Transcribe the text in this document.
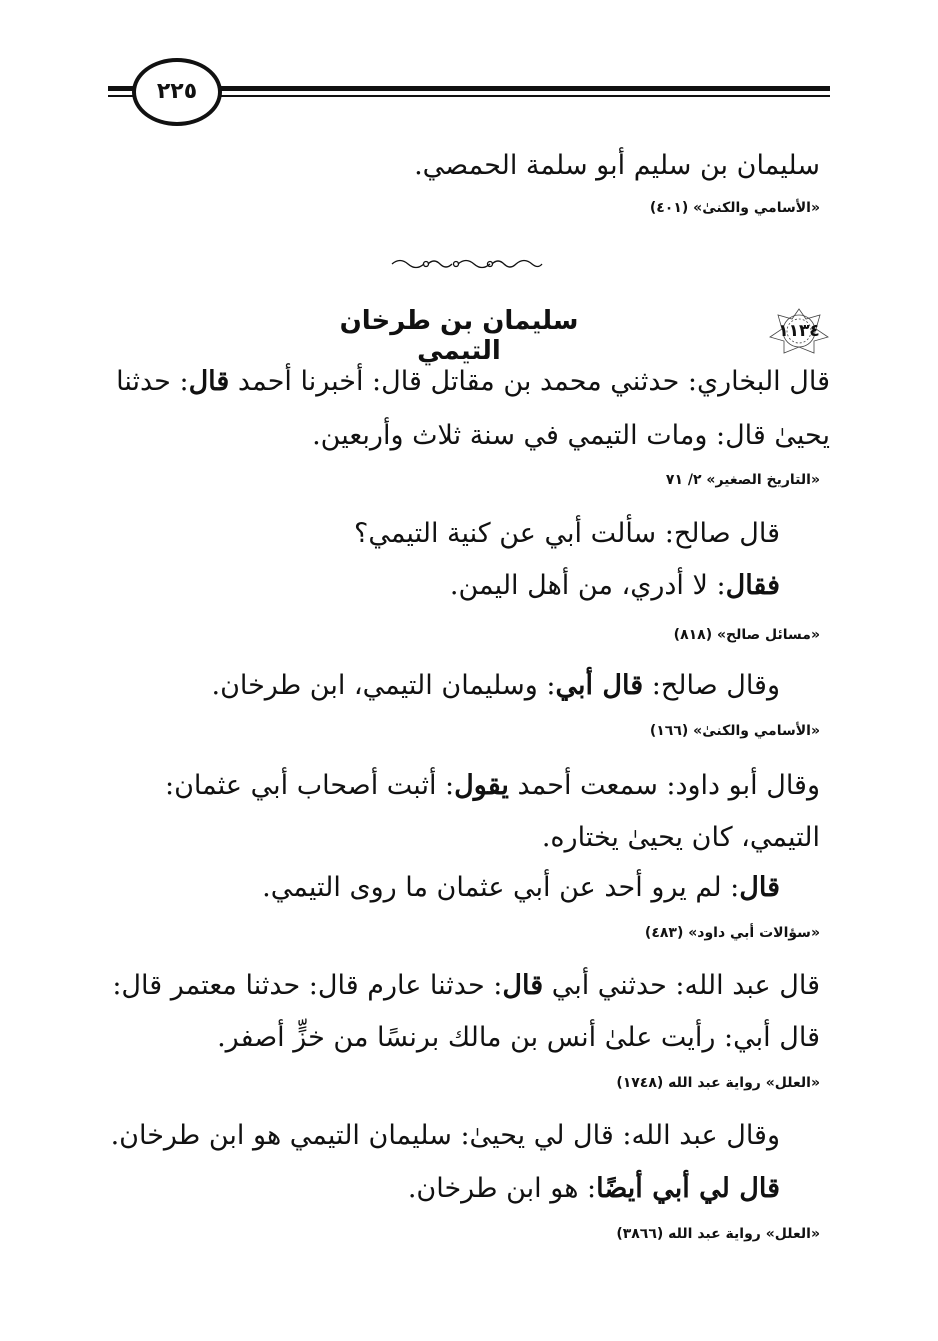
٢٢٥
سليمان بن سليم أبو سلمة الحمصي.
«الأسامي والكنىٰ» (٤٠١)
١١٣٤
سليمان بن طرخان التيمي
قال البخاري: حدثني محمد بن مقاتل قال: أخبرنا أحمد قال: حدثنا
يحيىٰ قال: ومات التيمي في سنة ثلاث وأربعين.
«التاريخ الصغير» ٢/ ٧١
قال صالح: سألت أبي عن كنية التيمي؟
فقال: لا أدري، من أهل اليمن.
«مسائل صالح» (٨١٨)
وقال صالح: قال أبي: وسليمان التيمي، ابن طرخان.
«الأسامي والكنىٰ» (١٦٦)
وقال أبو داود: سمعت أحمد يقول: أثبت أصحاب أبي عثمان:
التيمي، كان يحيىٰ يختاره.
قال: لم يرو أحد عن أبي عثمان ما روى التيمي.
«سؤالات أبي داود» (٤٨٣)
قال عبد الله: حدثني أبي قال: حدثنا عارم قال: حدثنا معتمر قال:
قال أبي: رأيت علىٰ أنس بن مالك برنسًا من خزٍّ أصفر.
«العلل» رواية عبد الله (١٧٤٨)
وقال عبد الله: قال لي يحيىٰ: سليمان التيمي هو ابن طرخان.
قال لي أبي أيضًا: هو ابن طرخان.
«العلل» رواية عبد الله (٣٨٦٦)
